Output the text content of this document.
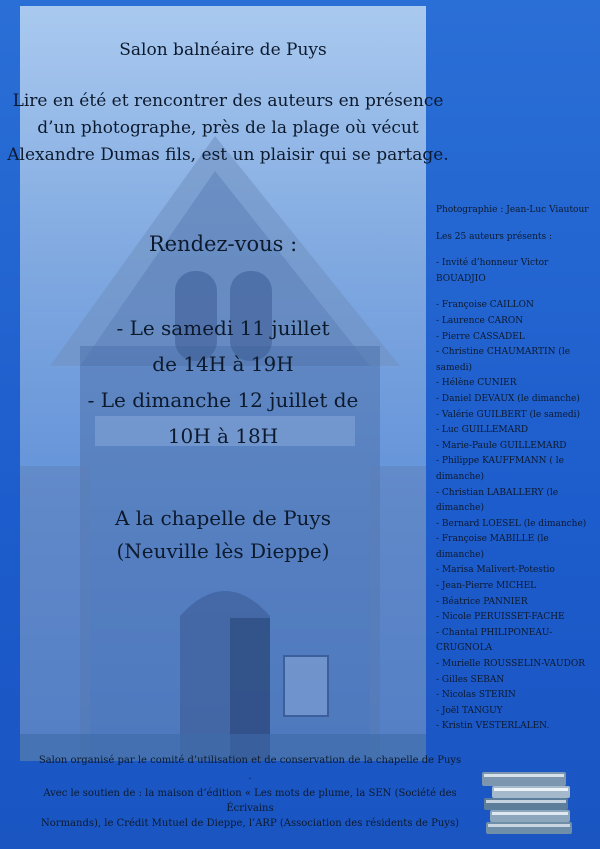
Salon balnéaire de Puys
Lire en été et rencontrer des auteurs en présence
d’un photographe, près de la plage où vécut
Alexandre Dumas fils, est un plaisir qui se partage.
Rendez-vous :
- Le samedi 11 juillet
de 14H à 19H
- Le dimanche 12 juillet de
10H à 18H
A la chapelle de Puys
(Neuville lès Dieppe)

Photographie : Jean-Luc Viautour

Les 25 auteurs présents :

- Invité d’honneur Victor

BOUADJIO

- Françoise CAILLON

- Laurence CARON

- Pierre CASSADEL

- Christine CHAUMARTIN (le

samedi)

- Hélène CUNIER

- Daniel DEVAUX (le dimanche)

- Valérie GUILBERT (le samedi)

- Luc GUILLEMARD

- Marie-Paule GUILLEMARD

- Philippe KAUFFMANN ( le

dimanche)

- Christian LABALLERY (le

dimanche)

- Bernard LOESEL (le dimanche)

- Françoise MABILLE (le

dimanche)

- Marisa Malivert-Potestio

- Jean-Pierre MICHEL

- Béatrice PANNIER

- Nicole PERUISSET-FACHE

- Chantal PHILIPONEAU-

CRUGNOLA

- Murielle ROUSSELIN-VAUDOR

- Gilles SEBAN

- Nicolas STERIN

- Joël TANGUY

- Kristin VESTERLALEN.

Salon organisé par le comité d’utilisation et de conservation de la chapelle de Puys
.
Avec le soutien de : la maison d’édition « Les mots de plume, la SEN (Société des Écrivains
Normands), le Crédit Mutuel de Dieppe, l’ARP (Association des résidents de Puys)
